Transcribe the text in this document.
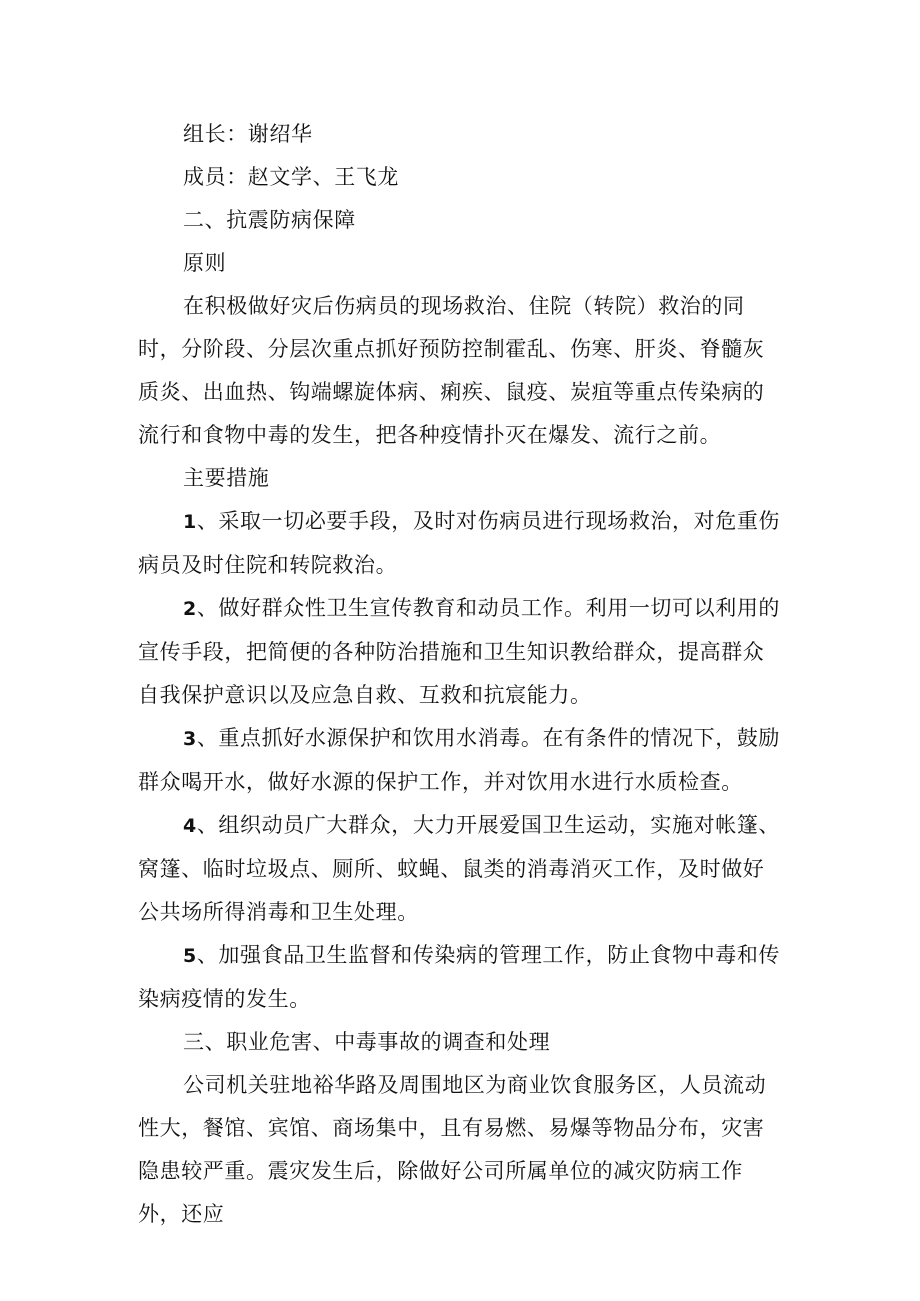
组长：谢绍华

成员：赵文学、王飞龙

二、抗震防病保障

原则

在积极做好灾后伤病员的现场救治、住院（转院）救治的同时，分阶段、分层次重点抓好预防控制霍乱、伤寒、肝炎、脊髓灰质炎、出血热、钩端螺旋体病、痢疾、鼠疫、炭疽等重点传染病的流行和食物中毒的发生，把各种疫情扑灭在爆发、流行之前。

主要措施

1、采取一切必要手段，及时对伤病员进行现场救治，对危重伤病员及时住院和转院救治。

2、做好群众性卫生宣传教育和动员工作。利用一切可以利用的宣传手段，把简便的各种防治措施和卫生知识教给群众，提高群众自我保护意识以及应急自救、互救和抗宸能力。

3、重点抓好水源保护和饮用水消毒。在有条件的情况下，鼓励群众喝开水，做好水源的保护工作，并对饮用水进行水质检查。

4、组织动员广大群众，大力开展爱国卫生运动，实施对帐篷、窝篷、临时垃圾点、厕所、蚊蝇、鼠类的消毒消灭工作，及时做好公共场所得消毒和卫生处理。

5、加强食品卫生监督和传染病的管理工作，防止食物中毒和传染病疫情的发生。

三、职业危害、中毒事故的调查和处理

公司机关驻地裕华路及周围地区为商业饮食服务区，人员流动性大，餐馆、宾馆、商场集中，且有易燃、易爆等物品分布，灾害隐患较严重。震灾发生后，除做好公司所属单位的减灾防病工作外，还应
